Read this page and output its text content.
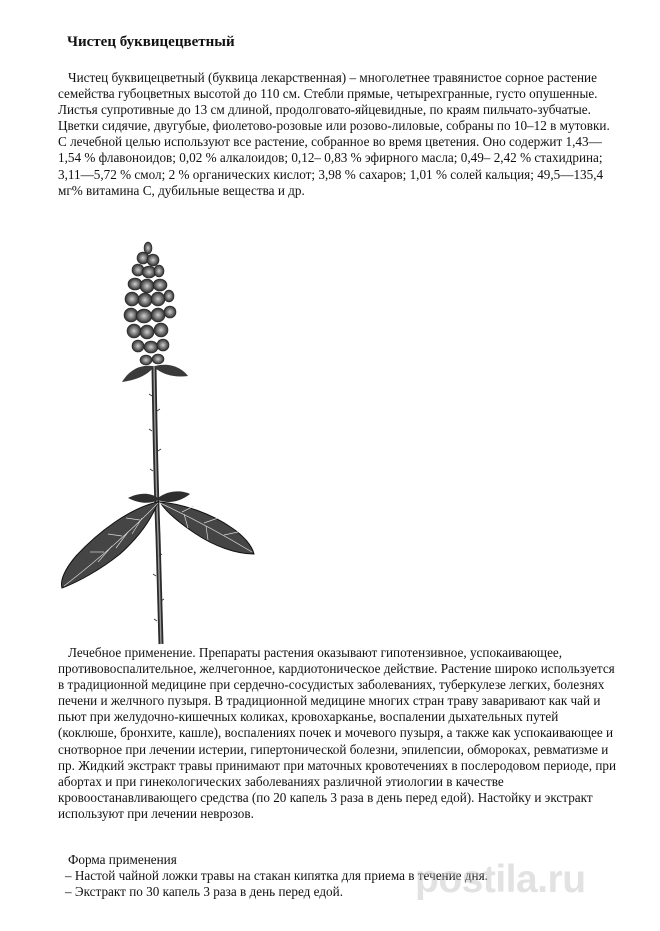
Чистец буквицецветный
Чистец буквицецветный (буквица лекарственная) – многолетнее травянистое сорное растение семейства губоцветных высотой до 110 см. Стебли прямые, четырехгранные, густо опушенные. Листья супротивные до 13 см длиной, продолговато-яйцевидные, по краям пильчато-зубчатые. Цветки сидячие, двугубые, фиолетово-розовые или розово-лиловые, собраны по 10–12 в мутовки. С лечебной целью используют все растение, собранное во время цветения. Оно содержит 1,43—1,54 % флавоноидов; 0,02 % алкалоидов; 0,12– 0,83 % эфирного масла; 0,49– 2,42 % стахидрина; 3,11—5,72 % смол; 2 % органических кислот; 3,98 % сахаров; 1,01 % солей кальция; 49,5—135,4 мг% витамина С, дубильные вещества и др.
Лечебное применение. Препараты растения оказывают гипотензивное, успокаивающее, противовоспалительное, желчегонное, кардиотоническое действие. Растение широко используется в традиционной медицине при сердечно-сосудистых заболеваниях, туберкулезе легких, болезнях печени и желчного пузыря. В традиционной медицине многих стран траву заваривают как чай и пьют при желудочно-кишечных коликах, кровохарканье, воспалении дыхательных путей (коклюше, бронхите, кашле), воспалениях почек и мочевого пузыря, а также как успокаивающее и снотворное при лечении истерии, гипертонической болезни, эпилепсии, обмороках, ревматизме и пр. Жидкий экстракт травы принимают при маточных кровотечениях в послеродовом периоде, при абортах и при гинекологических заболеваниях различной этиологии в качестве кровоостанавливающего средства (по 20 капель 3 раза в день перед едой). Настойку и экстракт используют при лечении неврозов.
Форма применения
– Настой чайной ложки травы на стакан кипятка для приема в течение дня.
– Экстракт по 30 капель 3 раза в день перед едой. postila.ru
